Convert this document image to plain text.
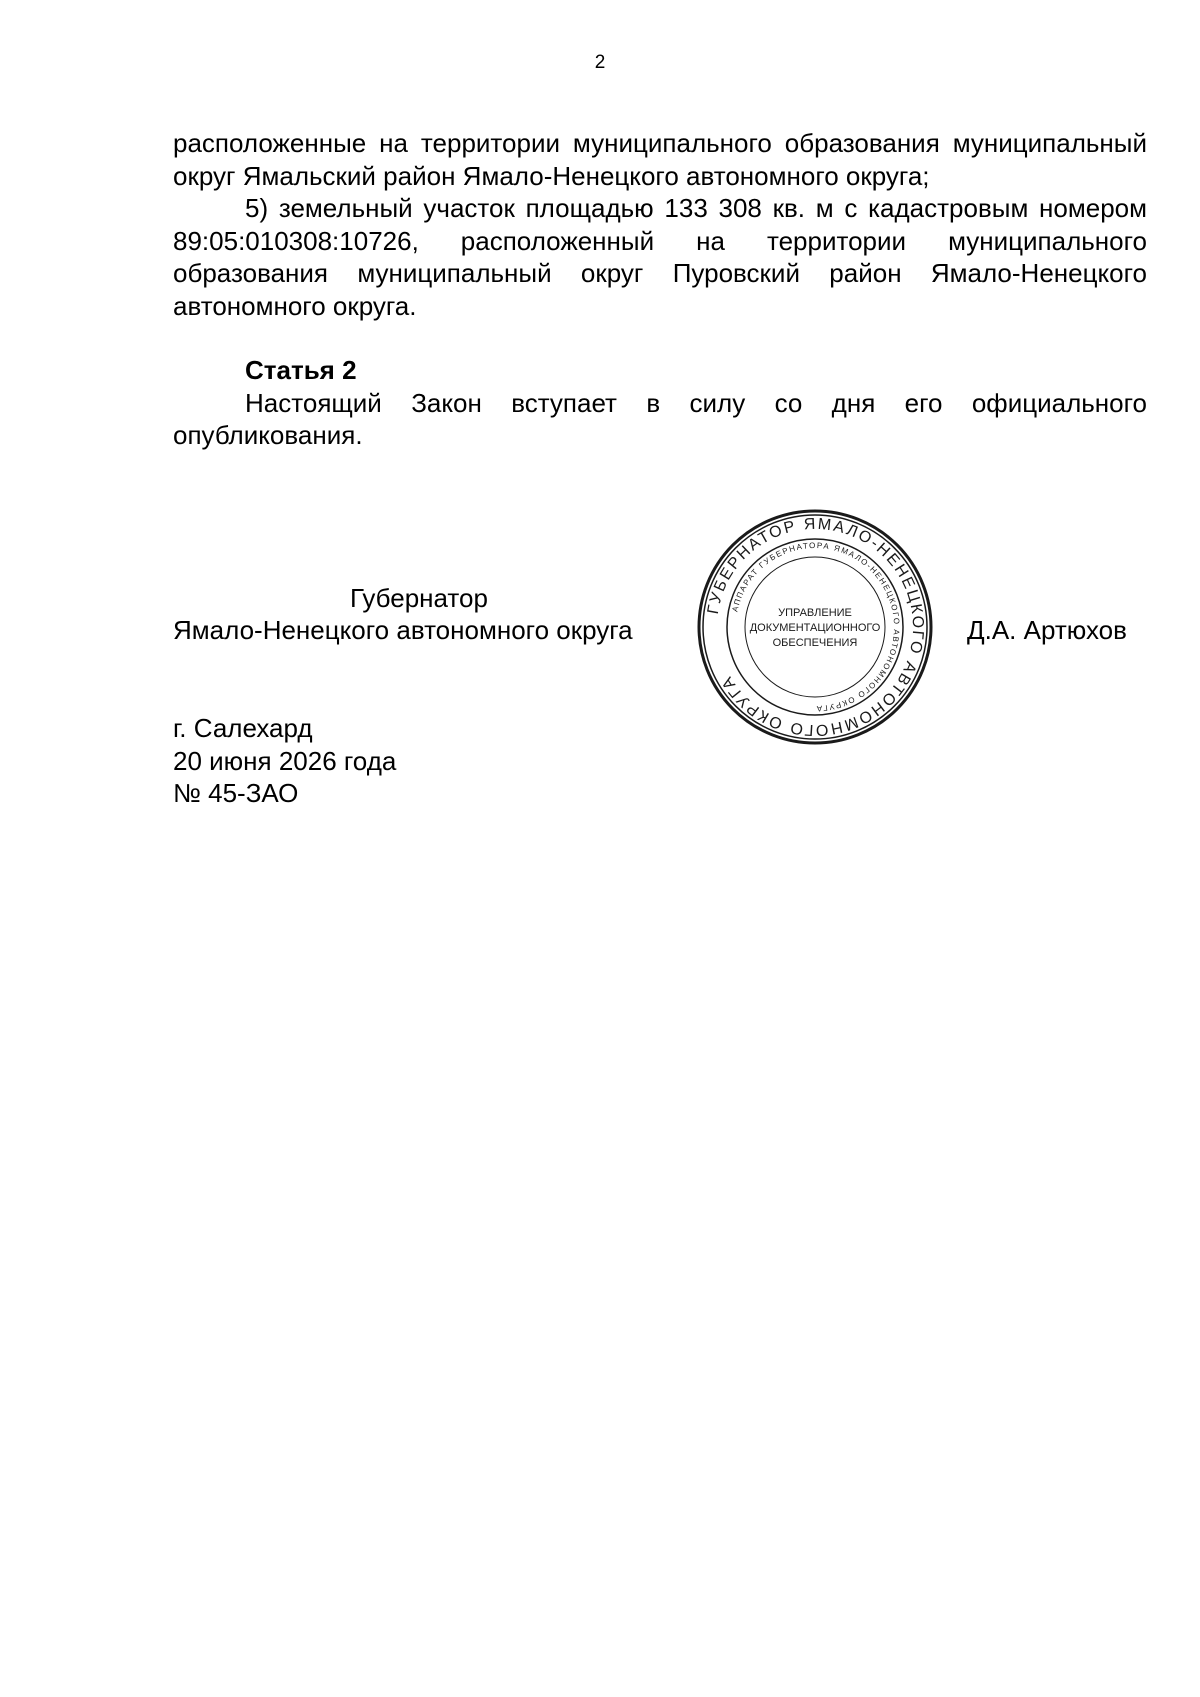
2

расположенные на территории муниципального образования муниципальный округ Ямальский район Ямало-Ненецкого автономного округа;

5) земельный участок площадью 133 308 кв. м с кадастровым номером 89:05:010308:10726, расположенный на территории муниципального образования муниципальный округ Пуровский район Ямало-Ненецкого автономного округа.

Статья 2

Настоящий Закон вступает в силу со дня его официального опубликования.

Губернатор
Ямало-Ненецкого автономного округа	Д.А. Артюхов
ГУБЕРНАТОР ЯМАЛО-НЕНЕЦКОГО АВТОНОМНОГО ОКРУГА
АППАРАТ ГУБЕРНАТОРА ЯМАЛО-НЕНЕЦКОГО АВТОНОМНОГО ОКРУГА
УПРАВЛЕНИЕ
ДОКУМЕНТАЦИОННОГО
ОБЕСПЕЧЕНИЯ
г. Салехард
20 июня 2026 года
№ 45-ЗАО
